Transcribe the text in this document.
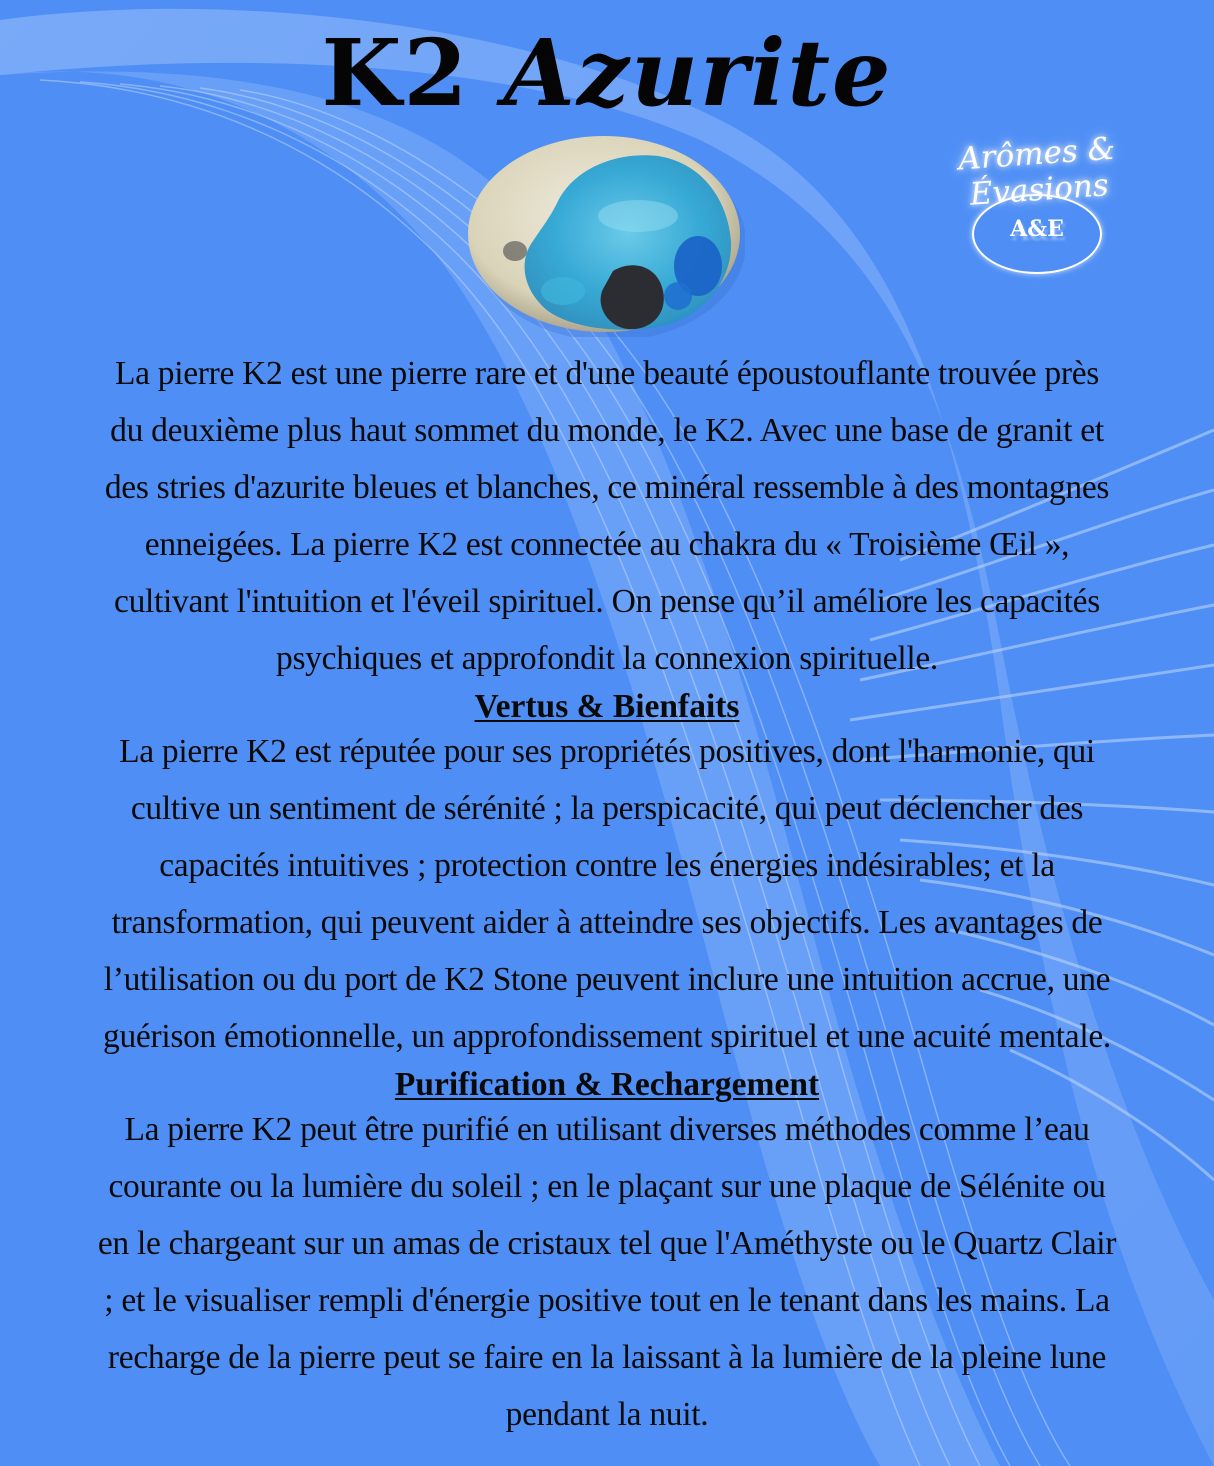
K2 Azurite
Arômes & Évasions
A&E
La pierre K2 est une pierre rare et d'une beauté époustouflante trouvée près
du deuxième plus haut sommet du monde, le K2. Avec une base de granit et
des stries d'azurite bleues et blanches, ce minéral ressemble à des montagnes
enneigées. La pierre K2 est connectée au chakra du « Troisième Œil »,
cultivant l'intuition et l'éveil spirituel. On pense qu’il améliore les capacités
psychiques et approfondit la connexion spirituelle.
Vertus & Bienfaits
La pierre K2 est réputée pour ses propriétés positives, dont l'harmonie, qui
cultive un sentiment de sérénité ; la perspicacité, qui peut déclencher des
capacités intuitives ; protection contre les énergies indésirables; et la
transformation, qui peuvent aider à atteindre ses objectifs. Les avantages de
l’utilisation ou du port de K2 Stone peuvent inclure une intuition accrue, une
guérison émotionnelle, un approfondissement spirituel et une acuité mentale.
Purification & Rechargement
La pierre K2 peut être purifié en utilisant diverses méthodes comme l’eau
courante ou la lumière du soleil ; en le plaçant sur une plaque de Sélénite ou
en le chargeant sur un amas de cristaux tel que l'Améthyste ou le Quartz Clair
; et le visualiser rempli d'énergie positive tout en le tenant dans les mains. La
recharge de la pierre peut se faire en la laissant à la lumière de la pleine lune
pendant la nuit.
